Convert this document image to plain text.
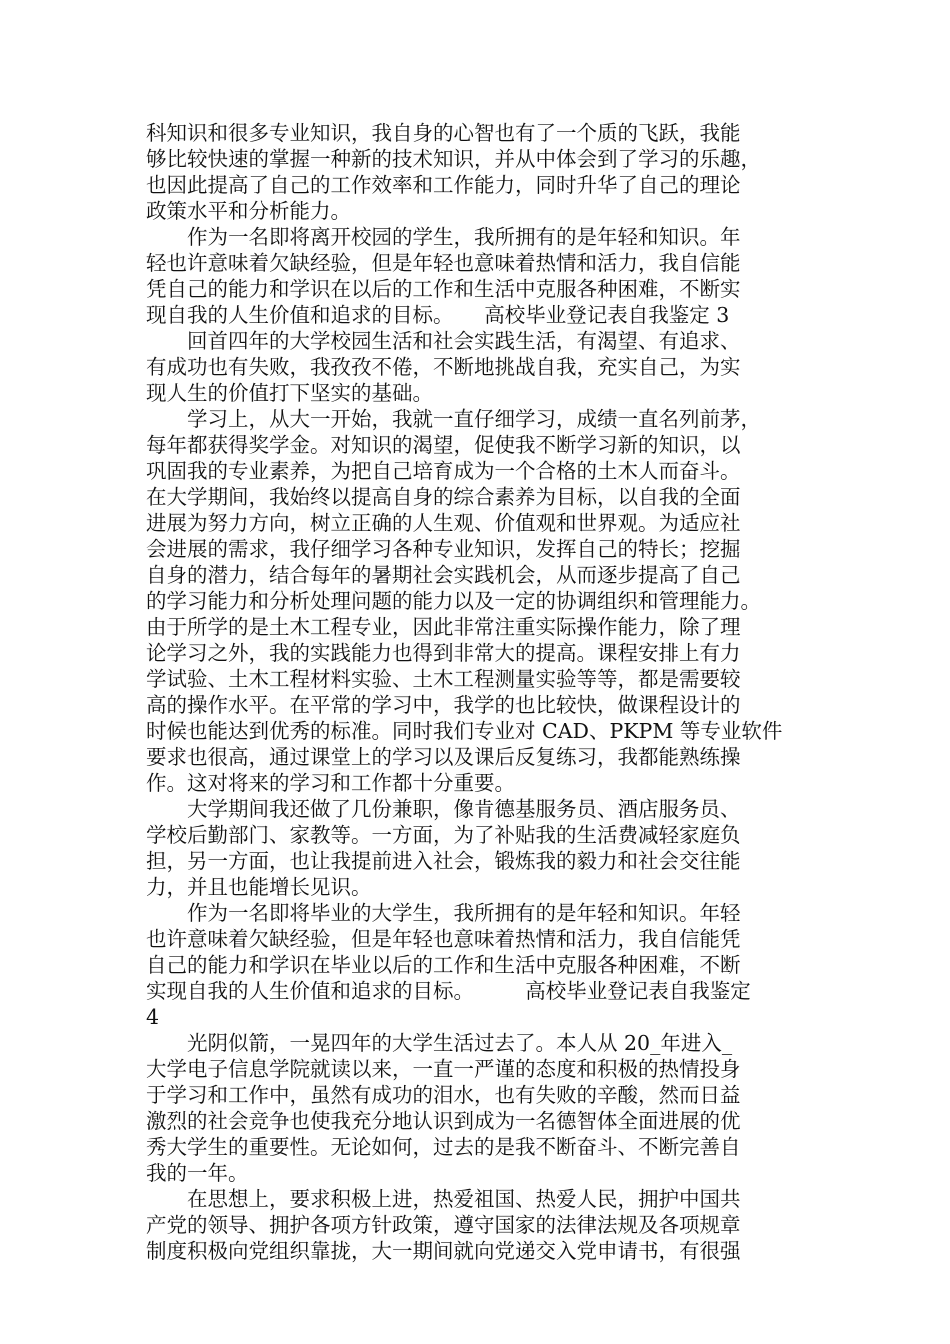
科知识和很多专业知识，我自身的心智也有了一个质的飞跃，我能
够比较快速的掌握一种新的技术知识，并从中体会到了学习的乐趣，
也因此提高了自己的工作效率和工作能力，同时升华了自己的理论
政策水平和分析能力。
　　作为一名即将离开校园的学生，我所拥有的是年轻和知识。年
轻也许意味着欠缺经验，但是年轻也意味着热情和活力，我自信能
凭自己的能力和学识在以后的工作和生活中克服各种困难，不断实
现自我的人生价值和追求的目标。　　高校毕业登记表自我鉴定 3
　　回首四年的大学校园生活和社会实践生活，有渴望、有追求、
有成功也有失败，我孜孜不倦，不断地挑战自我，充实自己，为实
现人生的价值打下坚实的基础。
　　学习上，从大一开始，我就一直仔细学习，成绩一直名列前茅，
每年都获得奖学金。对知识的渴望，促使我不断学习新的知识，以
巩固我的专业素养，为把自己培育成为一个合格的土木人而奋斗。
在大学期间，我始终以提高自身的综合素养为目标，以自我的全面
进展为努力方向，树立正确的人生观、价值观和世界观。为适应社
会进展的需求，我仔细学习各种专业知识，发挥自己的特长；挖掘
自身的潜力，结合每年的暑期社会实践机会，从而逐步提高了自己
的学习能力和分析处理问题的能力以及一定的协调组织和管理能力。
由于所学的是土木工程专业，因此非常注重实际操作能力，除了理
论学习之外，我的实践能力也得到非常大的提高。课程安排上有力
学试验、土木工程材料实验、土木工程测量实验等等，都是需要较
高的操作水平。在平常的学习中，我学的也比较快，做课程设计的
时候也能达到优秀的标准。同时我们专业对 CAD、PKPM 等专业软件
要求也很高，通过课堂上的学习以及课后反复练习，我都能熟练操
作。这对将来的学习和工作都十分重要。
　　大学期间我还做了几份兼职，像肯德基服务员、酒店服务员、
学校后勤部门、家教等。一方面，为了补贴我的生活费减轻家庭负
担，另一方面，也让我提前进入社会，锻炼我的毅力和社会交往能
力，并且也能增长见识。
　　作为一名即将毕业的大学生，我所拥有的是年轻和知识。年轻
也许意味着欠缺经验，但是年轻也意味着热情和活力，我自信能凭
自己的能力和学识在毕业以后的工作和生活中克服各种困难，不断
实现自我的人生价值和追求的目标。　　　高校毕业登记表自我鉴定
4
　　光阴似箭，一晃四年的大学生活过去了。本人从 20_年进入_
大学电子信息学院就读以来，一直一严谨的态度和积极的热情投身
于学习和工作中，虽然有成功的泪水，也有失败的辛酸，然而日益
激烈的社会竞争也使我充分地认识到成为一名德智体全面进展的优
秀大学生的重要性。无论如何，过去的是我不断奋斗、不断完善自
我的一年。
　　在思想上，要求积极上进，热爱祖国、热爱人民，拥护中国共
产党的领导、拥护各项方针政策，遵守国家的法律法规及各项规章
制度积极向党组织靠拢，大一期间就向党递交入党申请书，有很强
